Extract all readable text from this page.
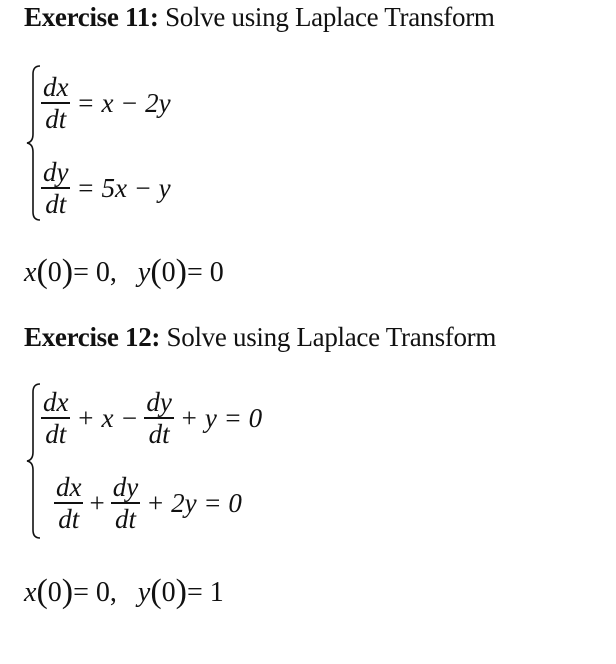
Exercise 11: Solve using Laplace Transform
$\frac{dx}{dt} = x - 2y$
$\frac{dy}{dt} = 5x - y$
x(0)= 0, y(0)= 0
Exercise 12: Solve using Laplace Transform
$\frac{dx}{dt} + x - \frac{dy}{dt} + y = 0$
$\frac{dx}{dt} + \frac{dy}{dt} + 2y = 0$
x(0)= 0, y(0)= 1
